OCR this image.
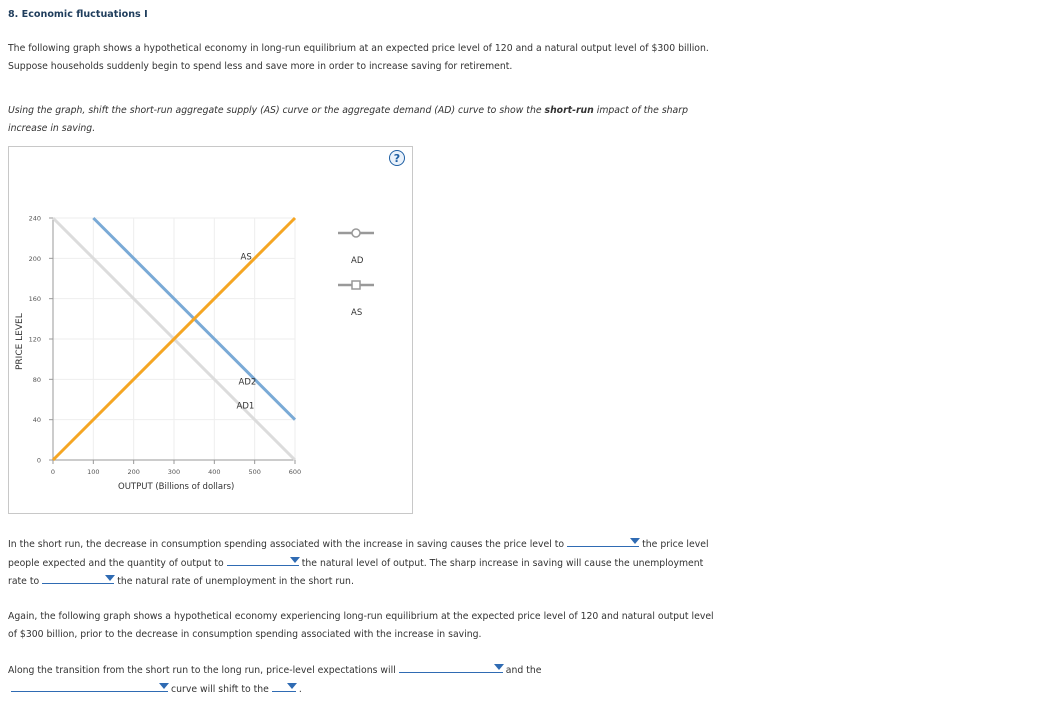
8. Economic fluctuations I
The following graph shows a hypothetical economy in long-run equilibrium at an expected price level of 120 and a natural output level of $300 billion.
Suppose households suddenly begin to spend less and save more in order to increase saving for retirement.
Using the graph, shift the short-run aggregate supply (AS) curve or the aggregate demand (AD) curve to show the short-run impact of the sharp
increase in saving.
?
240
200
160
120
80
40
0
0	100	200	300	400	500	600
AS
AD2
AD1
PRICE LEVEL
OUTPUT (Billions of dollars)
AD
AS
In the short run, the decrease in consumption spending associated with the increase in saving causes the price level to	the price level
people expected and the quantity of output to	the natural level of output. The sharp increase in saving will cause the unemployment
rate to	the natural rate of unemployment in the short run.
Again, the following graph shows a hypothetical economy experiencing long-run equilibrium at the expected price level of 120 and natural output level
of $300 billion, prior to the decrease in consumption spending associated with the increase in saving.
Along the transition from the short run to the long run, price-level expectations will	and the
curve will shift to the	.
